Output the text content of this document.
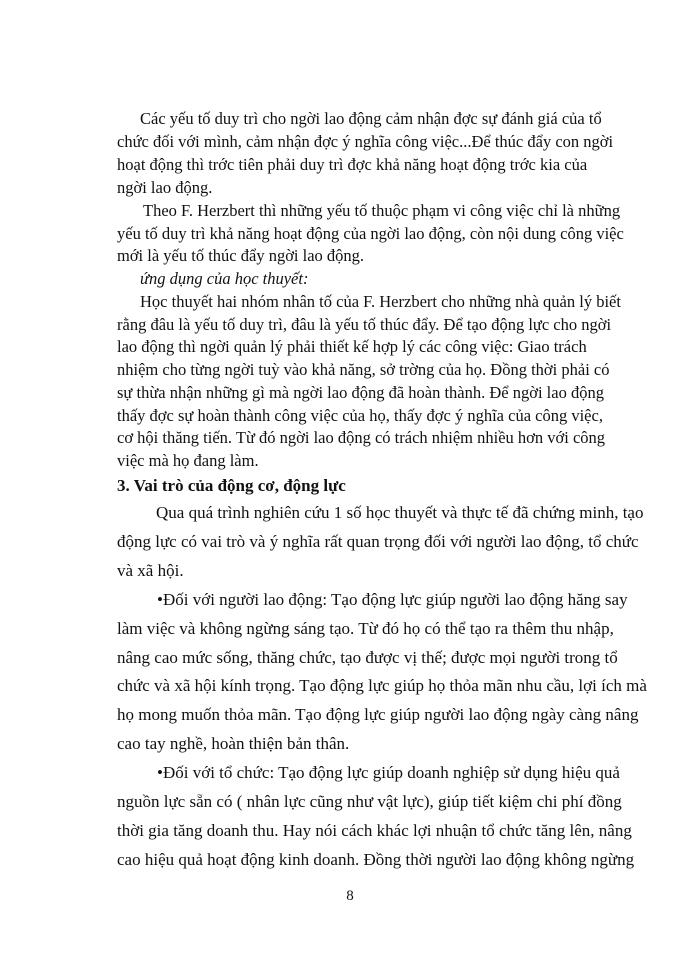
Các yếu tố duy trì cho ngời lao động cảm nhận đợc sự đánh giá của tổ
chức đối với mình, cảm nhận đợc ý nghĩa công việc...Để thúc đẩy con ngời
hoạt động thì trớc tiên phải duy trì đợc khả năng hoạt động trớc kia của
ngời lao động.
Theo F. Herzbert thì những yếu tố thuộc phạm vi công việc chỉ là những
yếu tố duy trì khả năng hoạt động của ngời lao động, còn nội dung công việc
mới là yếu tố thúc đẩy ngời lao động.
ứng dụng của học thuyết:
Học thuyết hai nhóm nhân tố của F. Herzbert cho những nhà quản lý biết
rằng đâu là yếu tố duy trì, đâu là yếu tố thúc đẩy. Để tạo động lực cho ngời
lao động thì ngời quản lý phải thiết kế hợp lý các công việc: Giao trách
nhiệm cho từng ngời tuỳ vào khả năng, sở trờng của họ. Đồng thời phải có
sự thừa nhận những gì mà ngời lao động đã hoàn thành. Để ngời lao động
thấy đợc sự hoàn thành công việc của họ, thấy đợc ý nghĩa của công việc,
cơ hội thăng tiến. Từ đó ngời lao động có trách nhiệm nhiều hơn với công
việc mà họ đang làm.
3. Vai trò của động cơ, động lực
Qua quá trình nghiên cứu 1 số học thuyết và thực tế đã chứng minh, tạo
động lực có vai trò và ý nghĩa rất quan trọng đối với người lao động, tổ chức
và xã hội.
•Đối với người lao động: Tạo động lực giúp người lao động hăng say
làm việc và không ngừng sáng tạo. Từ đó họ có thể tạo ra thêm thu nhập,
nâng cao mức sống, thăng chức, tạo được vị thế; được mọi người trong tổ
chức và xã hội kính trọng. Tạo động lực giúp họ thỏa mãn nhu cầu, lợi ích mà
họ mong muốn thỏa mãn. Tạo động lực giúp người lao động ngày càng nâng
cao tay nghề, hoàn thiện bản thân.
•Đối với tổ chức: Tạo động lực giúp doanh nghiệp sử dụng hiệu quả
nguồn lực sẵn có ( nhân lực cũng như vật lực), giúp tiết kiệm chi phí đồng
thời gia tăng doanh thu. Hay nói cách khác lợi nhuận tổ chức tăng lên, nâng
cao hiệu quả hoạt động kinh doanh. Đồng thời người lao động không ngừng
8
